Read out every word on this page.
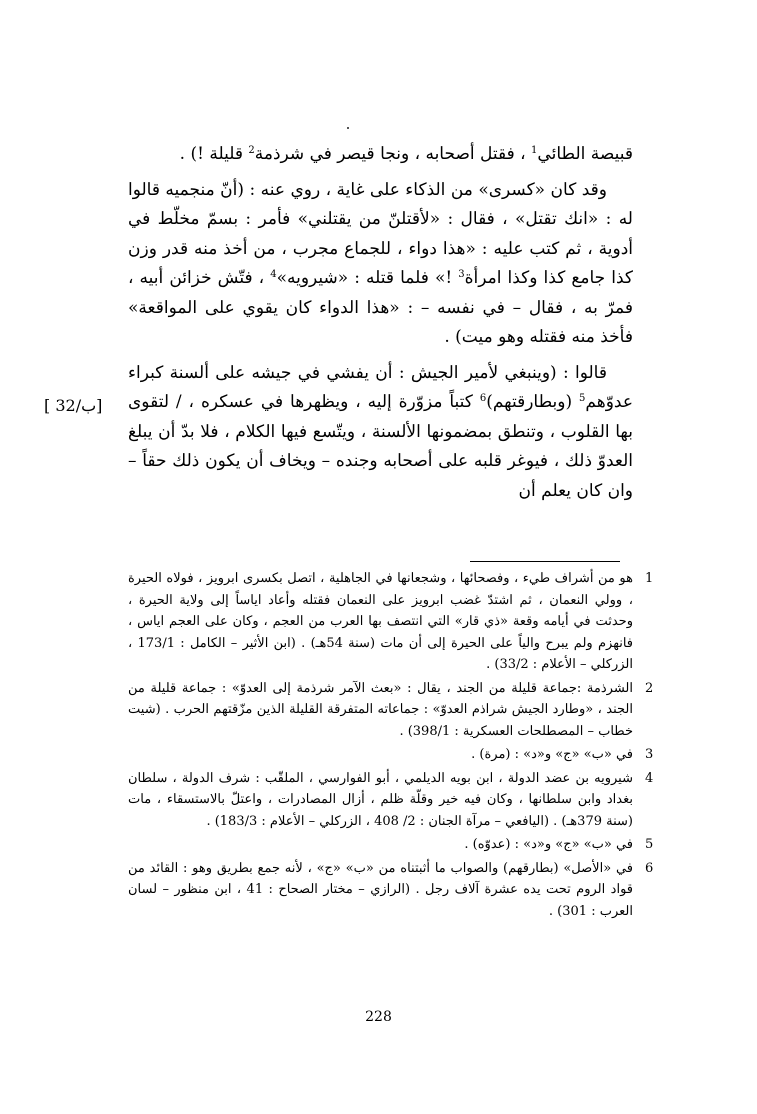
قبيصة الطائي$^1$ ، فقتل أصحابه ، ونجا قيصر في شرذمة$^2$ قليلة !) .

وقد كان «كسرى» من الذكاء على غاية ، روي عنه : (أنّ منجميه قالوا له : «انك تقتل» ، فقال : «لأقتلنّ من يقتلني» فأمر : بسمّ مخلّط في أدوية ، ثم كتب عليه : «هذا دواء ، للجماع مجرب ، من أخذ منه قدر وزن كذا جامع كذا وكذا امرأة$^3$ !» فلما قتله : «شيرويه»$^4$ ، فتّش خزائن أبيه ، فمرّ به ، فقال – في نفسه – : «هذا الدواء كان يقوي على المواقعة» فأخذ منه فقتله وهو ميت) .

قالوا : (وينبغي لأمير الجيش : أن يفشي في جيشه على ألسنة كبراء عدوّهم$^5$ (وبطارقتهم)$^6$ كتباً مزوّرة إليه ، ويظهرها في عسكره ، / لتقوى بها القلوب ، وتنطق بمضمونها الألسنة ، ويتّسع فيها الكلام ، فلا بدّ أن يبلغ العدوّ ذلك ، فيوغر قلبه على أصحابه وجنده – ويخاف أن يكون ذلك حقاً – وان كان يعلم أن

[ 32/ب]
1
هو من أشراف طيء ، وفصحائها ، وشجعانها في الجاهلية ، اتصل بكسرى ابرويز ، فولاه الحيرة ، وولي النعمان ، ثم اشتدّ غضب ابرويز على النعمان فقتله وأعاد اياساً إلى ولاية الحيرة ، وحدثت في أيامه وقعة «ذي قار» التي انتصف بها العرب من العجم ، وكان على العجم اياس ، فانهزم ولم يبرح والياً على الحيرة إلى أن مات (سنة 54هـ) . (ابن الأثير – الكامل : 173/1 ، الزركلي – الأعلام : 33/2) .
2
الشرذمة :جماعة قليلة من الجند ، يقال : «بعث الآمر شرذمة إلى العدوّ» : جماعة قليلة من الجند ، «وطارد الجيش شراذم العدوّ» : جماعاته المتفرقة القليلة الذين مزّقتهم الحرب . (شيت خطاب – المصطلحات العسكرية : 398/1) .
3
في «ب» «ج» و«د» : (مرة) .
4
شيرويه بن عضد الدولة ، ابن بويه الديلمي ، أبو الفوارسي ، الملقّب : شرف الدولة ، سلطان بغداد وابن سلطانها ، وكان فيه خير وقلّة ظلم ، أزال المصادرات ، واعتلّ بالاستسقاء ، مات (سنة 379هـ) . (اليافعي – مرآة الجنان : 2/ 408 ، الزركلي – الأعلام : 183/3) .
5
في «ب» «ج» و«د» : (عدوّه) .
6
في «الأصل» (بطارقهم) والصواب ما أثبتناه من «ب» «ج» ، لأنه جمع بطريق وهو : القائد من قواد الروم تحت يده عشرة آلاف رجل . (الرازي – مختار الصحاح : 41 ، ابن منظور – لسان العرب : 301) .
228
